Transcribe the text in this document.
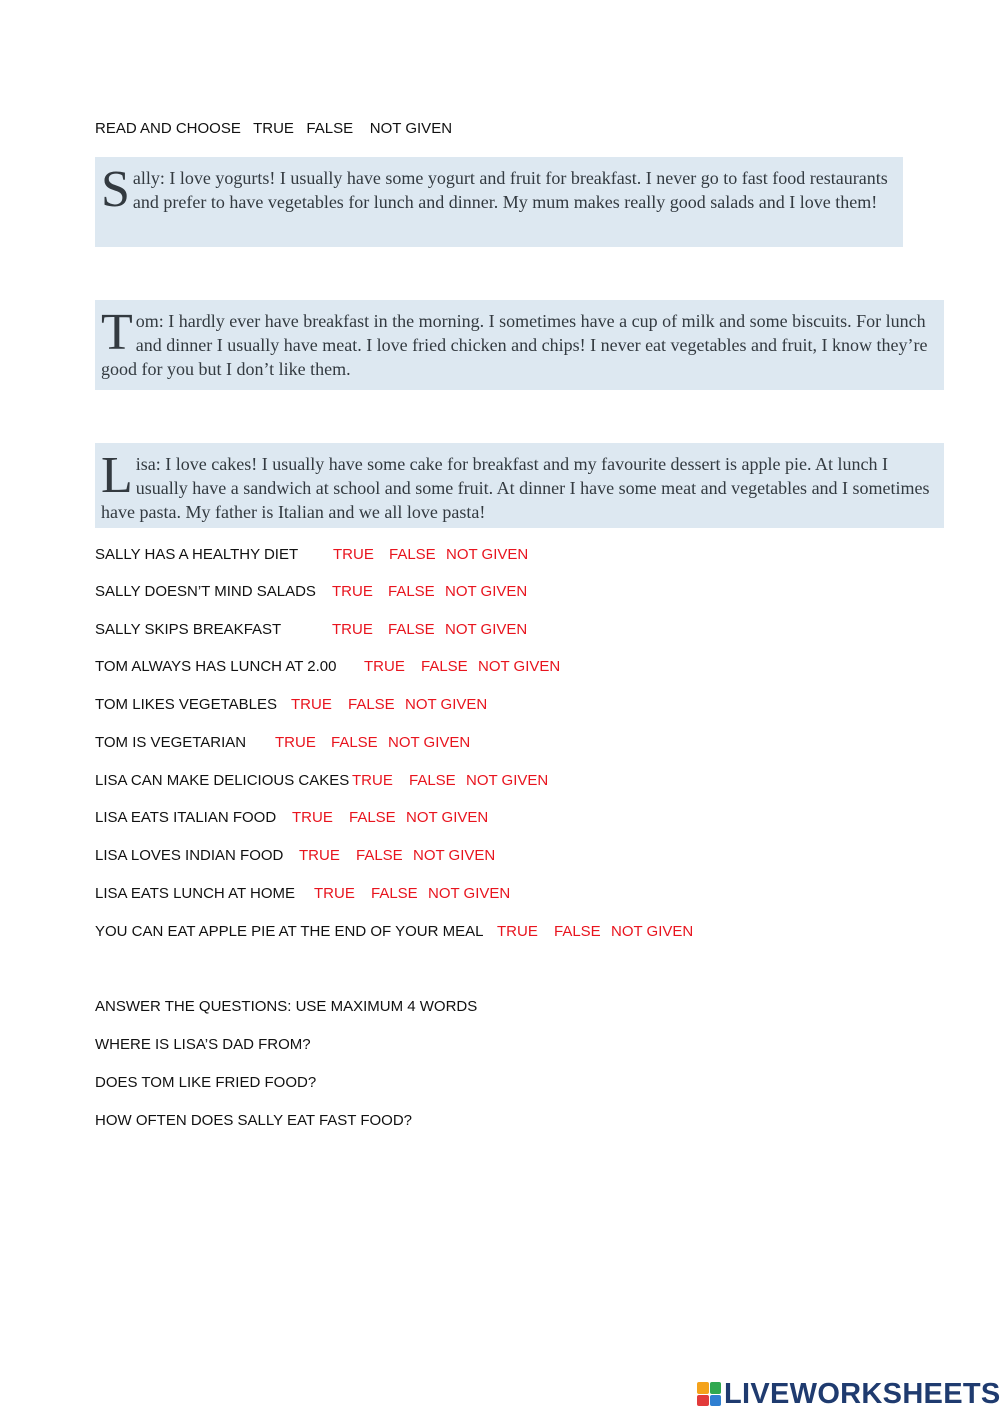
READ AND CHOOSE   TRUE   FALSE    NOT GIVEN
Sally: I love yogurts! I usually have some yogurt and fruit for breakfast. I never go to fast food restaurants and prefer to have vegetables for lunch and dinner. My mum makes really good salads and I love them!
Tom: I hardly ever have breakfast in the morning. I sometimes have a cup of milk and some biscuits. For lunch and dinner I usually have meat. I love fried chicken and chips! I never eat vegetables and fruit, I know they’re good for you but I don’t like them.
Lisa: I love cakes! I usually have some cake for breakfast and my favourite dessert is apple pie. At lunch I usually have a sandwich at school and some fruit. At dinner I have some meat and vegetables and I sometimes have pasta. My father is Italian and we all love pasta!
SALLY HAS A HEALTHY DIET TRUE FALSE NOT GIVEN
SALLY DOESN’T MIND SALADS TRUE FALSE NOT GIVEN
SALLY SKIPS BREAKFAST	TRUE FALSE NOT GIVEN
TOM ALWAYS HAS LUNCH AT 2.00 TRUE FALSE NOT GIVEN
TOM LIKES VEGETABLES TRUE FALSE NOT GIVEN
TOM IS VEGETARIAN TRUE FALSE NOT GIVEN
LISA CAN MAKE DELICIOUS CAKES TRUE FALSE NOT GIVEN
LISA EATS ITALIAN FOOD TRUE FALSE NOT GIVEN
LISA LOVES INDIAN FOOD TRUE FALSE NOT GIVEN
LISA EATS LUNCH AT HOME TRUE FALSE NOT GIVEN
YOU CAN EAT APPLE PIE AT THE END OF YOUR MEAL TRUE FALSE NOT GIVEN
ANSWER THE QUESTIONS: USE MAXIMUM 4 WORDS
WHERE IS LISA’S DAD FROM?
DOES TOM LIKE FRIED FOOD?
HOW OFTEN DOES SALLY EAT FAST FOOD?
LIVEWORKSHEETS
